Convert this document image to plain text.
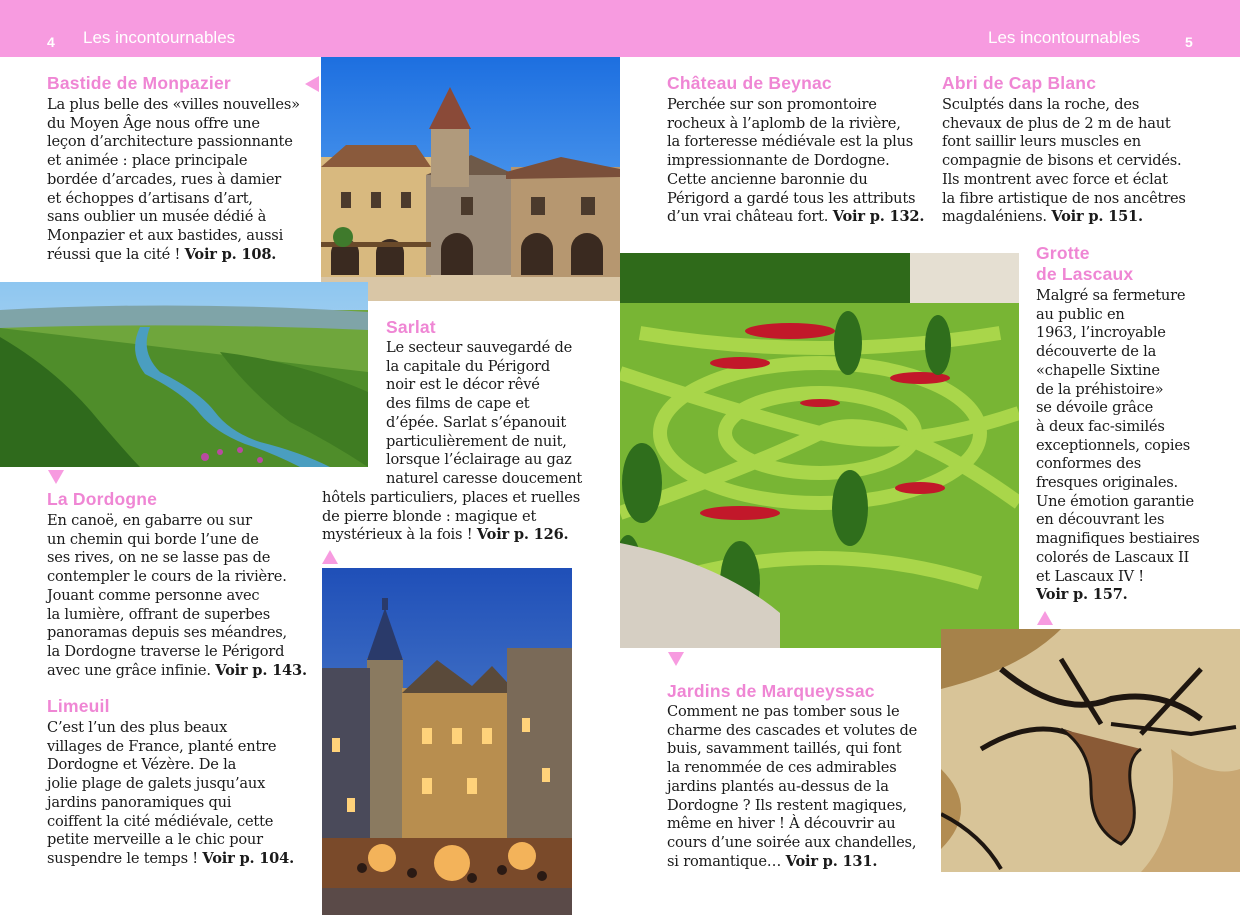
4 Les incontournables	Les incontournables	5
Bastide de Monpazier

La plus belle des «villes nouvelles»

du Moyen Âge nous offre une

leçon d’architecture passionnante

et animée : place principale

bordée d’arcades, rues à damier

et échoppes d’artisans d’art,

sans oublier un musée dédié à

Monpazier et aux bastides, aussi

réussi que la cité ! Voir p. 108.

Sarlat

Le secteur sauvegardé de

la capitale du Périgord

noir est le décor rêvé

des films de cape et

d’épée. Sarlat s’épanouit

particulièrement de nuit,

lorsque l’éclairage au gaz

naturel caresse doucement

hôtels particuliers, places et ruelles

de pierre blonde : magique et

mystérieux à la fois ! Voir p. 126.

La Dordogne

En canoë, en gabarre ou sur

un chemin qui borde l’une de

ses rives, on ne se lasse pas de

contempler le cours de la rivière.

Jouant comme personne avec

la lumière, offrant de superbes

panoramas depuis ses méandres,

la Dordogne traverse le Périgord

avec une grâce infinie. Voir p. 143.

Limeuil

C’est l’un des plus beaux

villages de France, planté entre

Dordogne et Vézère. De la

jolie plage de galets jusqu’aux

jardins panoramiques qui

coiffent la cité médiévale, cette

petite merveille a le chic pour

suspendre le temps ! Voir p. 104.

Château de Beynac

Perchée sur son promontoire

rocheux à l’aplomb de la rivière,

la forteresse médiévale est la plus

impressionnante de Dordogne.

Cette ancienne baronnie du

Périgord a gardé tous les attributs

d’un vrai château fort. Voir p. 132.

Abri de Cap Blanc

Sculptés dans la roche, des

chevaux de plus de 2 m de haut

font saillir leurs muscles en

compagnie de bisons et cervidés.

Ils montrent avec force et éclat

la fibre artistique de nos ancêtres

magdaléniens. Voir p. 151.

Grotte
de Lascaux

Malgré sa fermeture

au public en

1963, l’incroyable

découverte de la

«chapelle Sixtine

de la préhistoire»

se dévoile grâce

à deux fac-similés

exceptionnels, copies

conformes des

fresques originales.

Une émotion garantie

en découvrant les

magnifiques bestiaires

colorés de Lascaux II

et Lascaux IV !

Voir p. 157.

Jardins de Marqueyssac

Comment ne pas tomber sous le

charme des cascades et volutes de

buis, savamment taillés, qui font

la renommée de ces admirables

jardins plantés au-dessus de la

Dordogne ? Ils restent magiques,

même en hiver ! À découvrir au

cours d’une soirée aux chandelles,

si romantique… Voir p. 131.
